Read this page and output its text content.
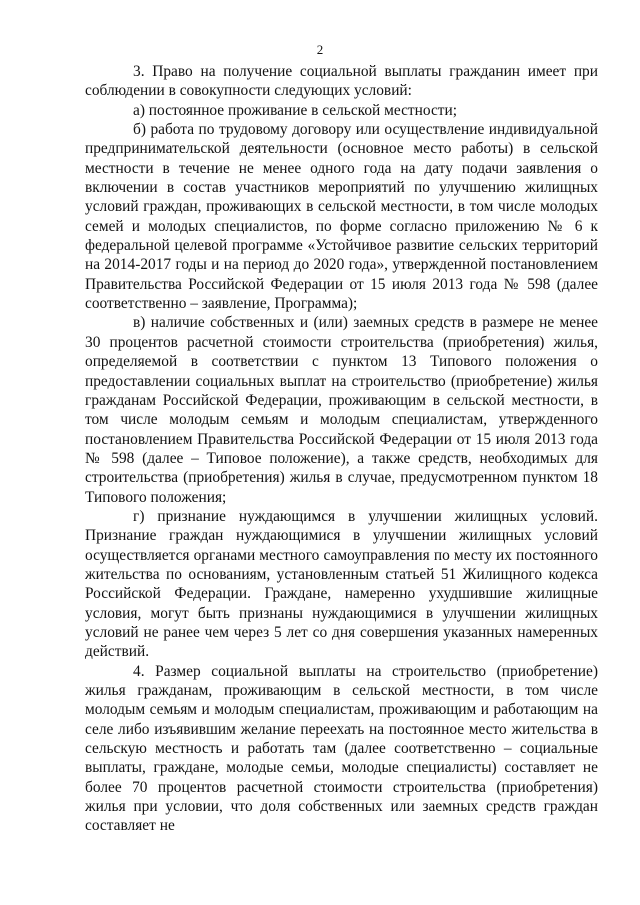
2

3. Право на получение социальной выплаты гражданин имеет при соблюдении в совокупности следующих условий:

а) постоянное проживание в сельской местности;

б) работа по трудовому договору или осуществление индивидуальной предпринимательской деятельности (основное место работы) в сельской местности в течение не менее одного года на дату подачи заявления о включении в состав участников мероприятий по улучшению жилищных условий граждан, проживающих в сельской местности, в том числе молодых семей и молодых специалистов, по форме согласно приложению № 6 к федеральной целевой программе «Устойчивое развитие сельских территорий на 2014-2017 годы и на период до 2020 года», утвержденной постановлением Правительства Российской Федерации от 15 июля 2013 года № 598 (далее соответственно – заявление, Программа);

в) наличие собственных и (или) заемных средств в размере не менее 30 процентов расчетной стоимости строительства (приобретения) жилья, определяемой в соответствии с пунктом 13 Типового положения о предоставлении социальных выплат на строительство (приобретение) жилья гражданам Российской Федерации, проживающим в сельской местности, в том числе молодым семьям и молодым специалистам, утвержденного постановлением Правительства Российской Федерации от 15 июля 2013 года № 598 (далее – Типовое положение), а также средств, необходимых для строительства (приобретения) жилья в случае, предусмотренном пунктом 18 Типового положения;

г) признание нуждающимся в улучшении жилищных условий. Признание граждан нуждающимися в улучшении жилищных условий осуществляется органами местного самоуправления по месту их постоянного жительства по основаниям, установленным статьей 51 Жилищного кодекса Российской Федерации. Граждане, намеренно ухудшившие жилищные условия, могут быть признаны нуждающимися в улучшении жилищных условий не ранее чем через 5 лет со дня совершения указанных намеренных действий.

4. Размер социальной выплаты на строительство (приобретение) жилья гражданам, проживающим в сельской местности, в том числе молодым семьям и молодым специалистам, проживающим и работающим на селе либо изъявившим желание переехать на постоянное место жительства в сельскую местность и работать там (далее соответственно – социальные выплаты, граждане, молодые семьи, молодые специалисты) составляет не более 70 процентов расчетной стоимости строительства (приобретения) жилья при условии, что доля собственных или заемных средств граждан составляет не
